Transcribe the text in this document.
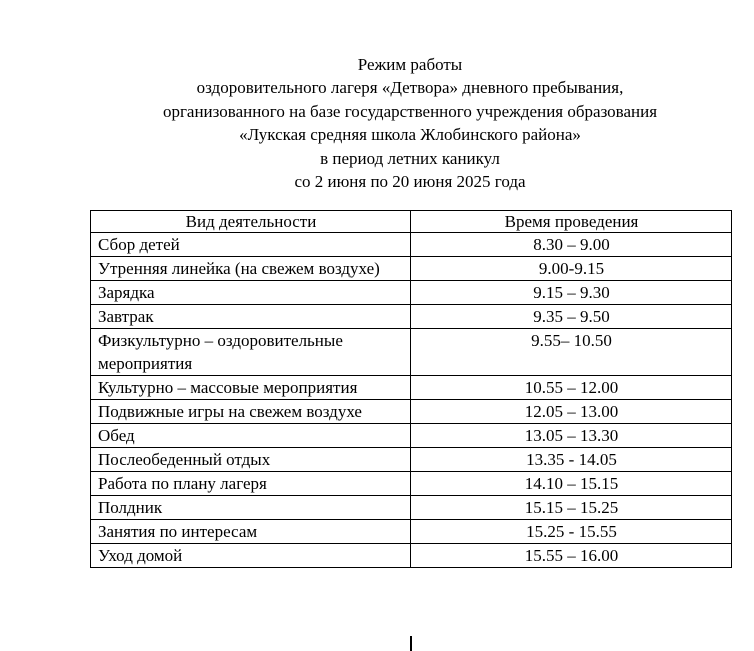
Режим работы
оздоровительного лагеря «Детвора» дневного пребывания,
организованного на базе государственного учреждения образования
«Лукская средняя школа Жлобинского района»
в период летних каникул
со 2 июня по 20 июня 2025 года
Вид деятельности	Время проведения
Сбор детей	8.30 – 9.00
Утренняя линейка (на свежем воздухе)	9.00-9.15
Зарядка	9.15 – 9.30
Завтрак	9.35 – 9.50
Физкультурно – оздоровительные мероприятия	9.55– 10.50
Культурно – массовые мероприятия	10.55 – 12.00
Подвижные игры на свежем воздухе	12.05 – 13.00
Обед	13.05 – 13.30
Послеобеденный отдых	13.35 - 14.05
Работа по плану лагеря	14.10 – 15.15
Полдник	15.15 – 15.25
Занятия по интересам	15.25 - 15.55
Уход домой	15.55 – 16.00
